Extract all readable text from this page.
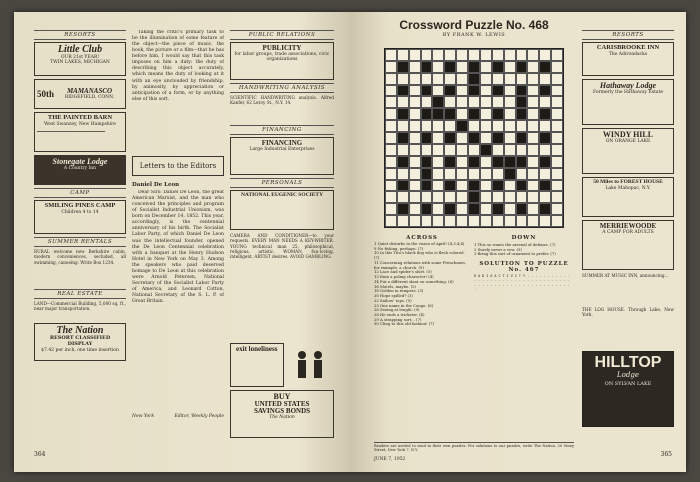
RESORTS
Little Club
OUR 21st YEAR!
TWIN LAKES, MICHIGAN
50th	MAMANASCO
RIDGEFIELD, CONN.
THE PAINTED BARN
West Swanzey, New Hampshire
━━━━━━━━━━━━━━━━━━━━━━━━━━━
Stonegate Lodge
A Country Inn
CAMP
SMILING PINES CAMP
Children 4 to 14
SUMMER RENTALS
RURAL welcome new Berkshire cabin, modern conveniences, secluded, all swimming, canoeing. Write Box 1234.
REAL ESTATE
LAND—Commercial Building, 5,000 sq. ft., near major transportation.
The Nation
RESORT CLASSIFIED DISPLAY
$7.42 per inch, one time insertion
Taking the critic's primary task to be the illumination of some feature of the object—the piece of music, the book, the picture or a film—that he has before him, I would say that this task imposes on him a duty: the duty of describing this object accurately, which means the duty of looking at it with an eye unclouded by friendship, by animosity, by appreciation or anticipation of a form, or by anything else of this sort.
Letters to the Editors
Daniel De Leon
Dear Sirs: Daniel De Leon, the great American Marxist, and the man who conceived the principles and program of Socialist Industrial Unionism, was born on December 14, 1852. This year, accordingly, is the centennial anniversary of his birth. The Socialist Labor Party, of which Daniel De Leon was the intellectual founder, opened the De Leon Centennial celebration with a banquet at the Henry Hudson Hotel in New York on May 3. Among the speakers who paid deserved homage to De Leon at this celebration were Arnold Petersen, National Secretary of the Socialist Labor Party of America, and Leonard Cotton, National Secretary of the S. L. P. of Great Britain.
New York	Editor, Weekly People
PUBLIC RELATIONS
PUBLICITY
for labor groups, trade associations, civic organizations
HANDWRITING ANALYSIS
SCIENTIFIC HANDWRITING analysis. Alfred Kanfer, 62 Leroy St., N.Y. 14.
FINANCING
FINANCING
Large Industrial Enterprises
PERSONALS
NATIONAL EUGENIC SOCIETY
CAMERA AND CONDITIONER—to your requests. EVERY MAN NEEDS A KEY-WRITER. YOUNG technical man 25, philosophical, religious, artistic. WOMAN, fun-loving, intelligent. ARTIST desires. AVOID GAMBLING.
exit loneliness
BUY
UNITED STATES
SAVINGS BONDS
The Nation
364
Crossword Puzzle No. 468
BY FRANK W. LEWIS
ACROSS
1 Quiet disturbs in the vision of April! (4,3,4,4)
9 No fishing, perhaps. (7)
10 In this Tito's black dog who is flesh colored. (7)
11 Concerning relations with some Frenchmen, for example, a church. (9)
12 Lace and spider's shirt. (5)
13 Ruin a poling character! (4)
14 Put a different slant on something. (6)
16 Motels, maybe. (5)
18 Golden in tempers. (3)
20 Hope spilled? (3)
22 Sailors' tops. (5)
23 One name in the Congo. (6)
26 Seeing at length. (9)
28 He ends a trickster. (4)
29 A strapping sort... (7)
30 Cling to this old fashion! (7)
DOWN
1 This so wants the arsenal of defense. (7)
2 Surely never a vow. (5)
3 Bring this sort of ornament to prefer. (7)
SOLUTION TO PUZZLE No. 467
R A D I O A C T I V I T Y . . . . . . . . . . . . . . . . . . . . . . . . . . . . . . . . . . . . . . . . . . . . . . . . . . . . . . . . . . . .
Readers are invited to send in their own puzzles. For solutions to our puzzles, write The Nation, 20 Vesey Street, New York 7, N.Y.
RESORTS
CARISBROOKE INN
The Adirondacks
Hathaway Lodge
Formerly the Hathaway Estate
WINDY HILL
ON ORANGE LAKE
50 Miles to FOREST HOUSE
Lake Mahopac, N.Y.
MERRIEWOODE
A CAMP FOR ADULTS
SUMMER AT MUSIC INN, announcing...
THE LOG HOUSE. Through Lake, New York.
HILLTOP
Lodge
ON SYLVAN LAKE
JUNE 7, 1952
365
